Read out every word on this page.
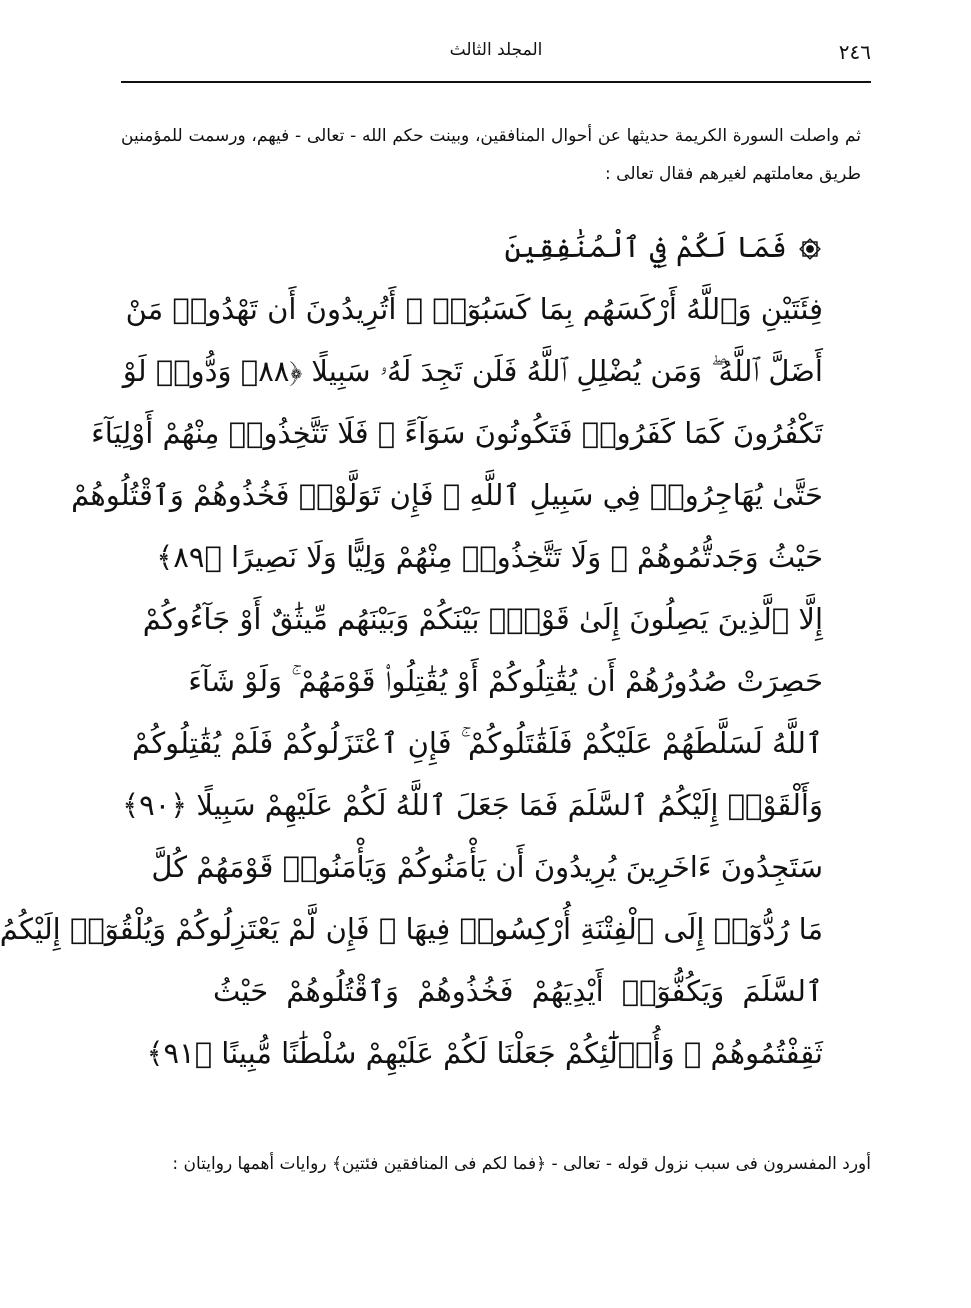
٢٤٦
المجلد الثالث

ثم واصلت السورة الكريمة حديثها عن أحوال المنافقين، وبينت حكم الله - تعالى - فيهم، ورسمت للمؤمنين طريق معاملتهم لغيرهم فقال تعالى :

فَمَا لَكُمْ فِي ٱلْمُنَٰفِقِينَ
فِئَتَيْنِ وَٱللَّهُ أَرْكَسَهُم بِمَا كَسَبُوٓا۟ ۚ أَتُرِيدُونَ أَن تَهْدُوا۟ مَنْ
أَضَلَّ ٱللَّهُ ۖ وَمَن يُضْلِلِ ٱللَّهُ فَلَن تَجِدَ لَهُۥ سَبِيلًا ﴿٨٨﴾ وَدُّوا۟ لَوْ
تَكْفُرُونَ كَمَا كَفَرُوا۟ فَتَكُونُونَ سَوَآءً ۖ فَلَا تَتَّخِذُوا۟ مِنْهُمْ أَوْلِيَآءَ
حَتَّىٰ يُهَاجِرُوا۟ فِي سَبِيلِ ٱللَّهِ ۚ فَإِن تَوَلَّوْا۟ فَخُذُوهُمْ وَٱقْتُلُوهُمْ
حَيْثُ وَجَدتُّمُوهُمْ ۖ وَلَا تَتَّخِذُوا۟ مِنْهُمْ وَلِيًّا وَلَا نَصِيرًا ﴿٨٩﴾
إِلَّا ٱلَّذِينَ يَصِلُونَ إِلَىٰ قَوْمٍۭ بَيْنَكُمْ وَبَيْنَهُم مِّيثَٰقٌ أَوْ جَآءُوكُمْ
حَصِرَتْ صُدُورُهُمْ أَن يُقَٰتِلُوكُمْ أَوْ يُقَٰتِلُوا۟ قَوْمَهُمْ ۚ وَلَوْ شَآءَ
ٱللَّهُ لَسَلَّطَهُمْ عَلَيْكُمْ فَلَقَٰتَلُوكُمْ ۚ فَإِنِ ٱعْتَزَلُوكُمْ فَلَمْ يُقَٰتِلُوكُمْ
وَأَلْقَوْا۟ إِلَيْكُمُ ٱلسَّلَمَ فَمَا جَعَلَ ٱللَّهُ لَكُمْ عَلَيْهِمْ سَبِيلًا ﴿٩٠﴾
سَتَجِدُونَ ءَاخَرِينَ يُرِيدُونَ أَن يَأْمَنُوكُمْ وَيَأْمَنُوا۟ قَوْمَهُمْ كُلَّ
مَا رُدُّوٓا۟ إِلَى ٱلْفِتْنَةِ أُرْكِسُوا۟ فِيهَا ۚ فَإِن لَّمْ يَعْتَزِلُوكُمْ وَيُلْقُوٓا۟ إِلَيْكُمُ
ٱلسَّلَمَ وَيَكُفُّوٓا۟ أَيْدِيَهُمْ فَخُذُوهُمْ وَٱقْتُلُوهُمْ حَيْثُ
ثَقِفْتُمُوهُمْ ۚ وَأُو۟لَٰٓئِكُمْ جَعَلْنَا لَكُمْ عَلَيْهِمْ سُلْطَٰنًا مُّبِينًا ﴿٩١﴾

أورد المفسرون فى سبب نزول قوله - تعالى - ﴿فما لكم فى المنافقين فئتين﴾ روايات أهمها روايتان :
